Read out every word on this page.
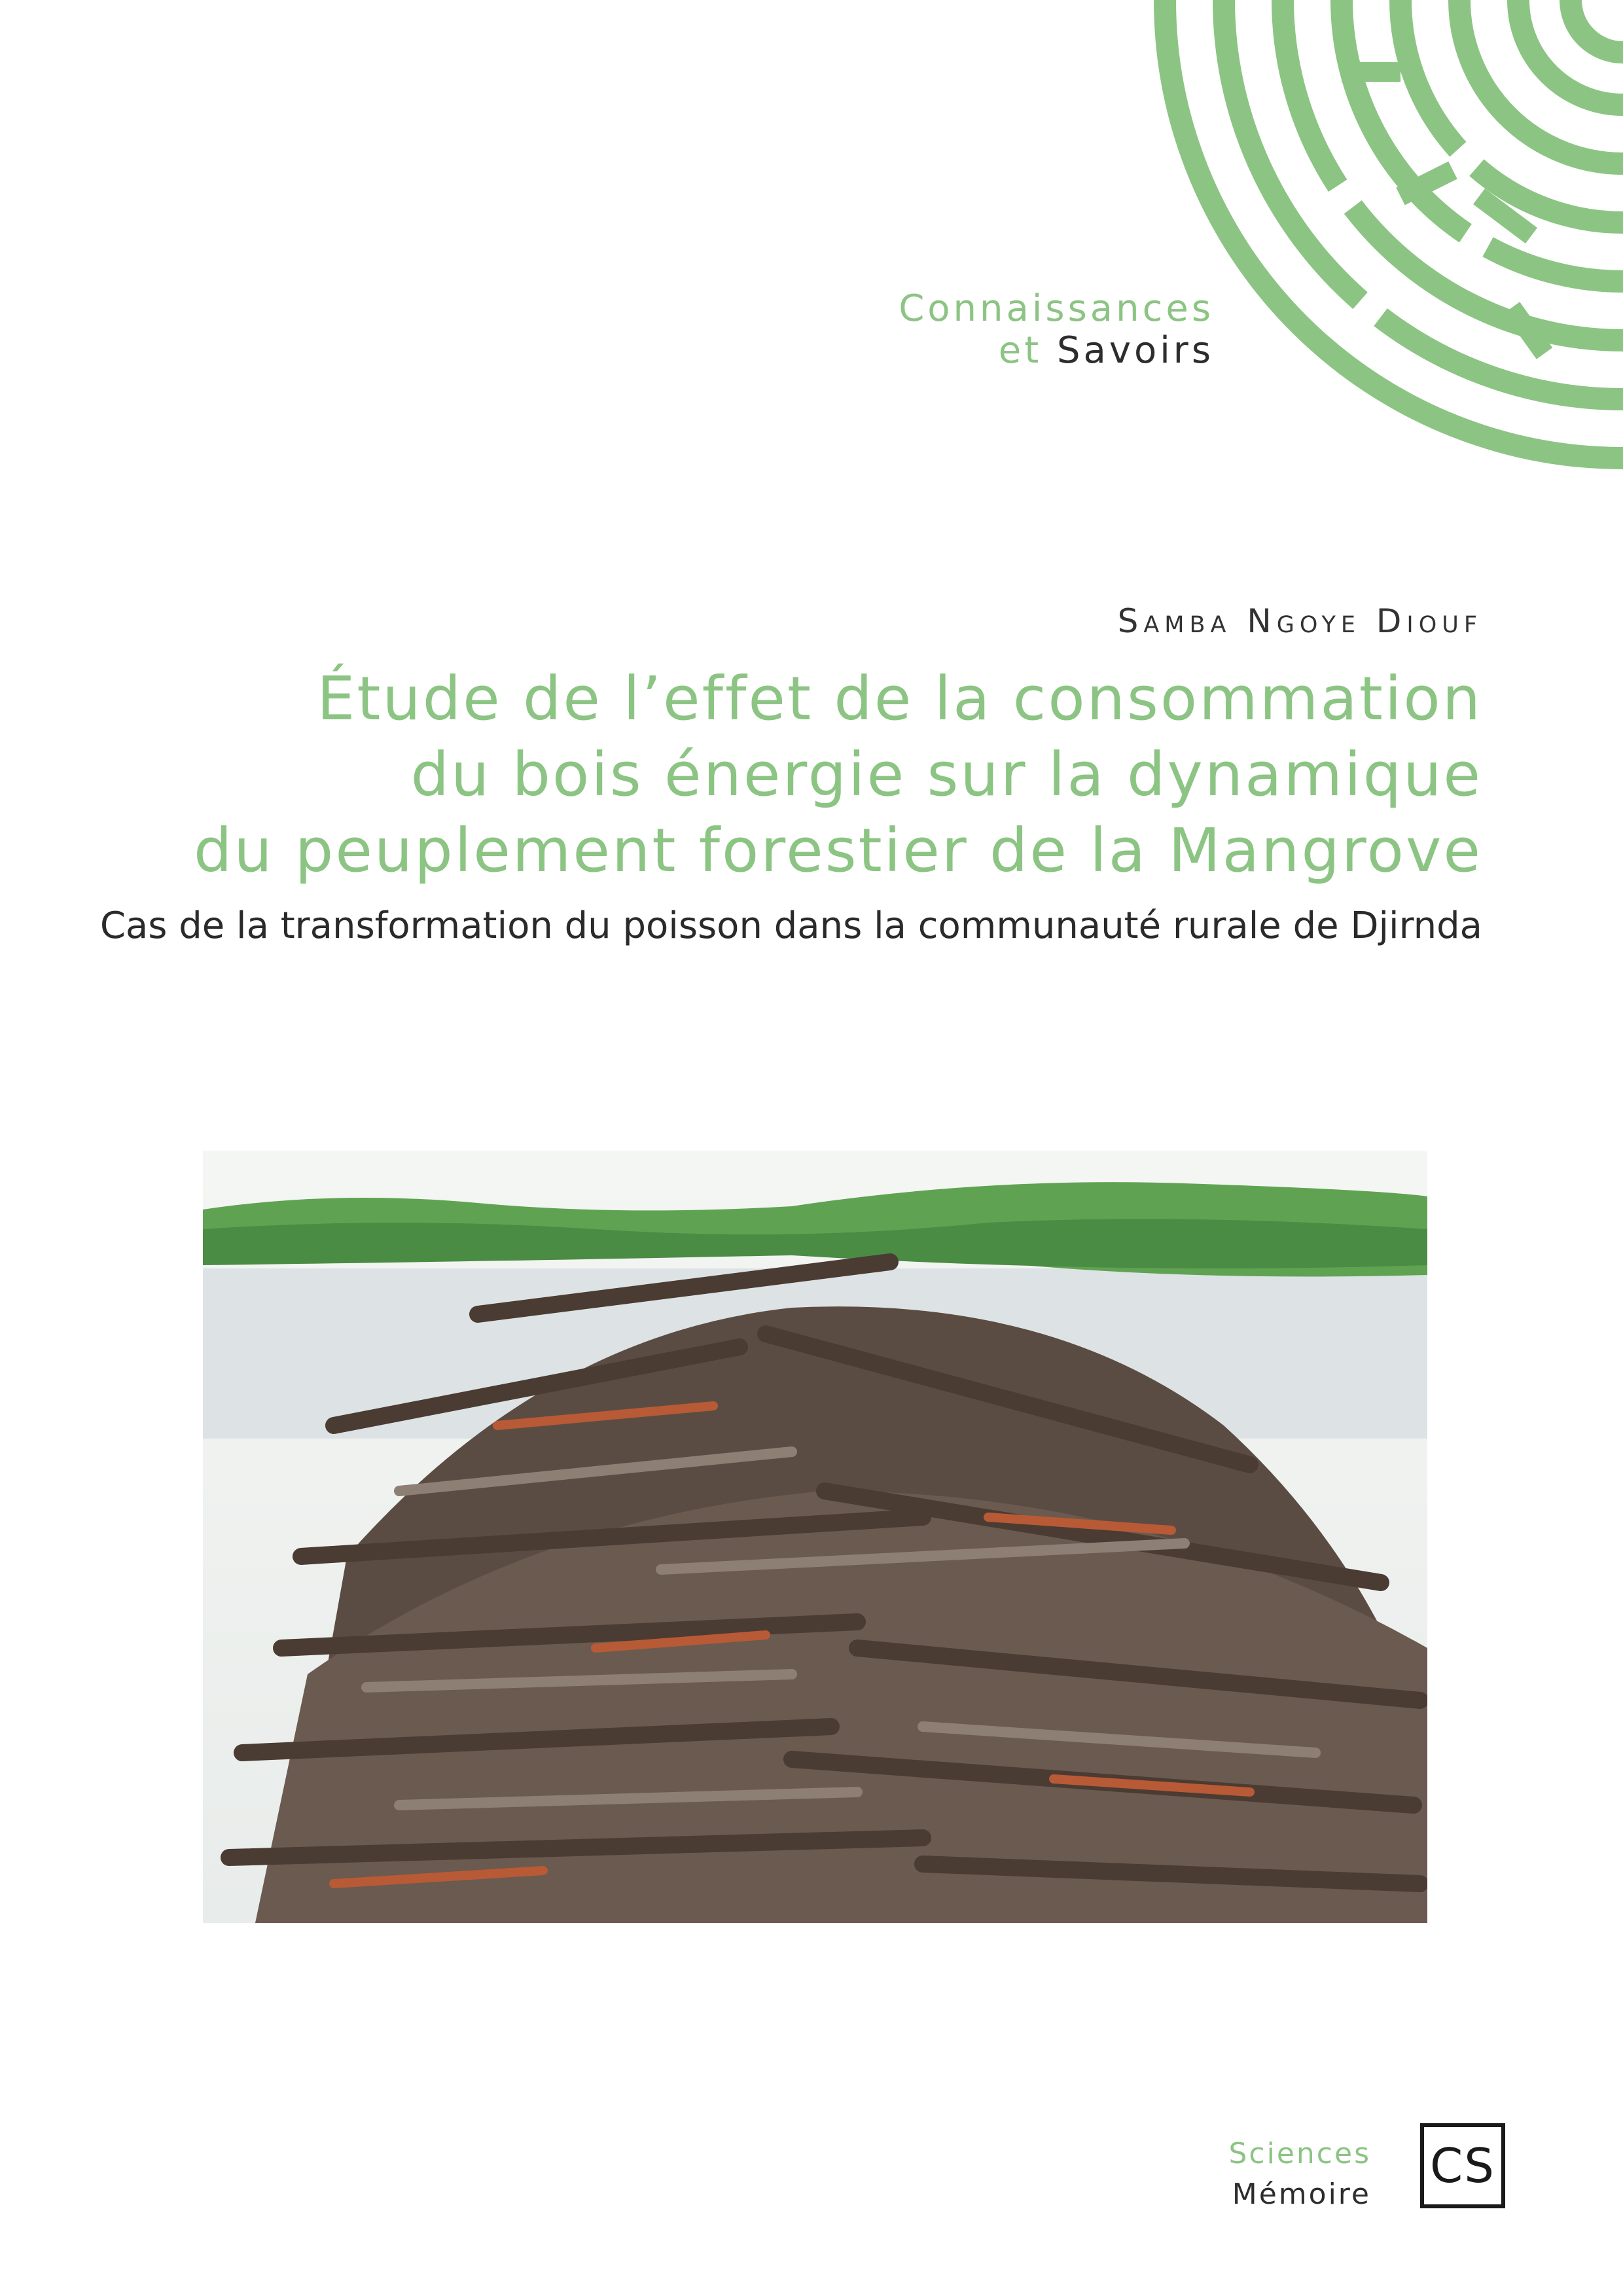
Connaissances
et Savoirs
Samba Ngoye Diouf
Étude de l’effet de la consommation
du bois énergie sur la dynamique
du peuplement forestier de la Mangrove
Cas de la transformation du poisson dans la communauté rurale de Djirnda
Sciences
Mémoire
CS
